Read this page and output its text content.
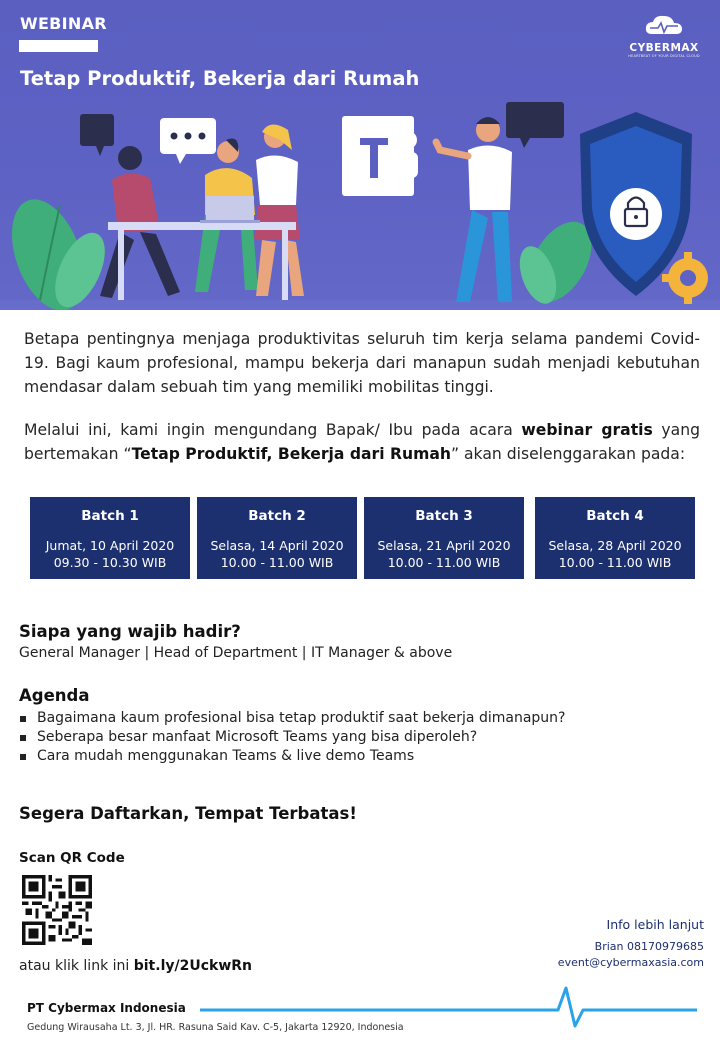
WEBINAR
Tetap Produktif, Bekerja dari Rumah
CYBERMAX
HEARTBEAT OF YOUR DIGITAL CLOUD

Betapa pentingnya menjaga produktivitas seluruh tim kerja selama pandemi Covid-19. Bagi kaum profesional, mampu bekerja dari manapun sudah menjadi kebutuhan mendasar dalam sebuah tim yang memiliki mobilitas tinggi.

Melalui ini, kami ingin mengundang Bapak/ Ibu pada acara webinar gratis yang bertemakan “Tetap Produktif, Bekerja dari Rumah” akan diselenggarakan pada:

Batch 1
Jumat, 10 April 2020
09.30 - 10.30 WIB
Batch 2
Selasa, 14 April 2020
10.00 - 11.00 WIB
Batch 3
Selasa, 21 April 2020
10.00 - 11.00 WIB
Batch 4
Selasa, 28 April 2020
10.00 - 11.00 WIB
Siapa yang wajib hadir?
General Manager | Head of Department | IT Manager & above
Agenda
Bagaimana kaum profesional bisa tetap produktif saat bekerja dimanapun?
Seberapa besar manfaat Microsoft Teams yang bisa diperoleh?
Cara mudah menggunakan Teams & live demo Teams
Segera Daftarkan, Tempat Terbatas!
Scan QR Code
atau klik link ini bit.ly/2UckwRn
Info lebih lanjut
Brian 08170979685
event@cybermaxasia.com
PT Cybermax Indonesia
Gedung Wirausaha Lt. 3, Jl. HR. Rasuna Said Kav. C-5, Jakarta 12920, Indonesia
